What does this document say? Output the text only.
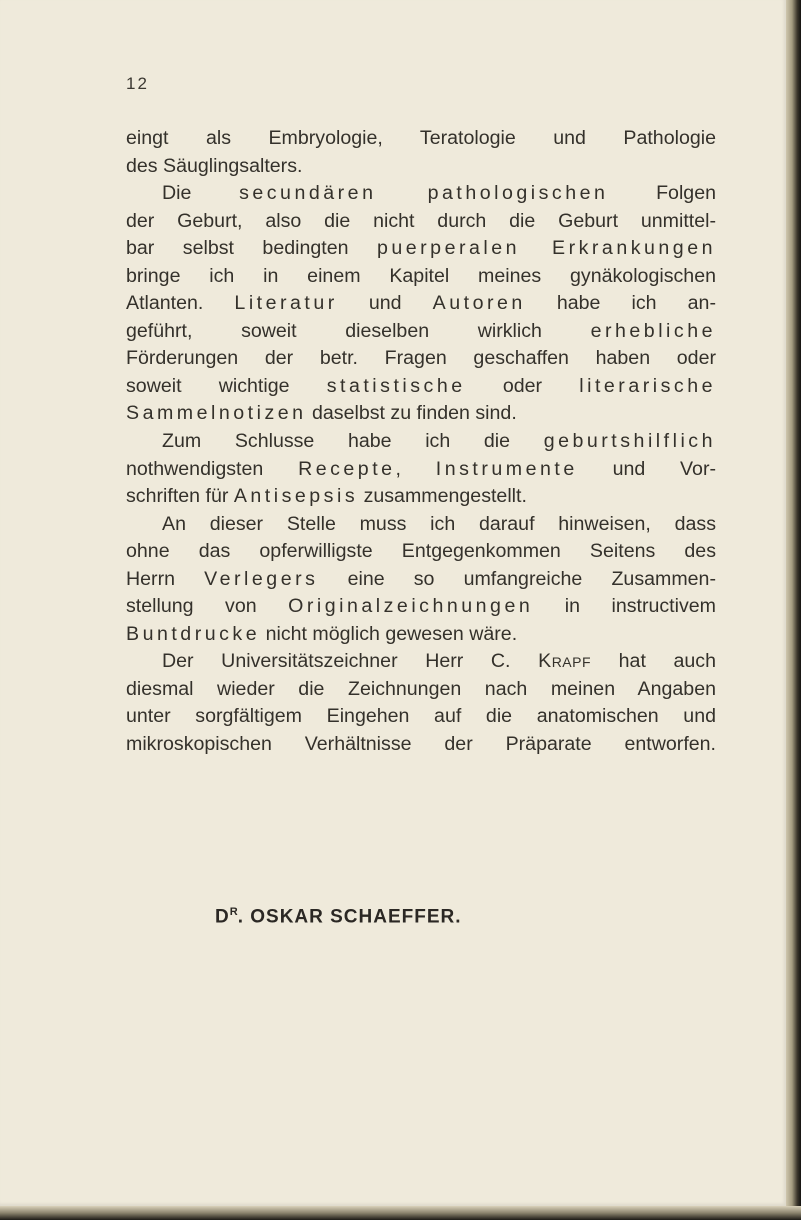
12
eingt als Embryologie, Teratologie und Pathologie
des Säuglingsalters.
Die secundären pathologischen Folgen
der Geburt, also die nicht durch die Geburt unmittel-
bar selbst bedingten puerperalen Erkrankungen
bringe ich in einem Kapitel meines gynäkologischen
Atlanten. Literatur und Autoren habe ich an-
geführt, soweit dieselben wirklich erhebliche
Förderungen der betr. Fragen geschaffen haben oder
soweit wichtige statistische oder literarische
Sammelnotizen daselbst zu finden sind.
Zum Schlusse habe ich die geburtshilflich
nothwendigsten Recepte, Instrumente und Vor-
schriften für Antisepsis zusammengestellt.
An dieser Stelle muss ich darauf hinweisen, dass
ohne das opferwilligste Entgegenkommen Seitens des
Herrn Verlegers eine so umfangreiche Zusammen-
stellung von Originalzeichnungen in instructivem
Buntdrucke nicht möglich gewesen wäre.
Der Universitätszeichner Herr C. Krapf hat auch
diesmal wieder die Zeichnungen nach meinen Angaben
unter sorgfältigem Eingehen auf die anatomischen und
mikroskopischen Verhältnisse der Präparate entworfen.
$D^R$. OSKAR SCHAEFFER.
